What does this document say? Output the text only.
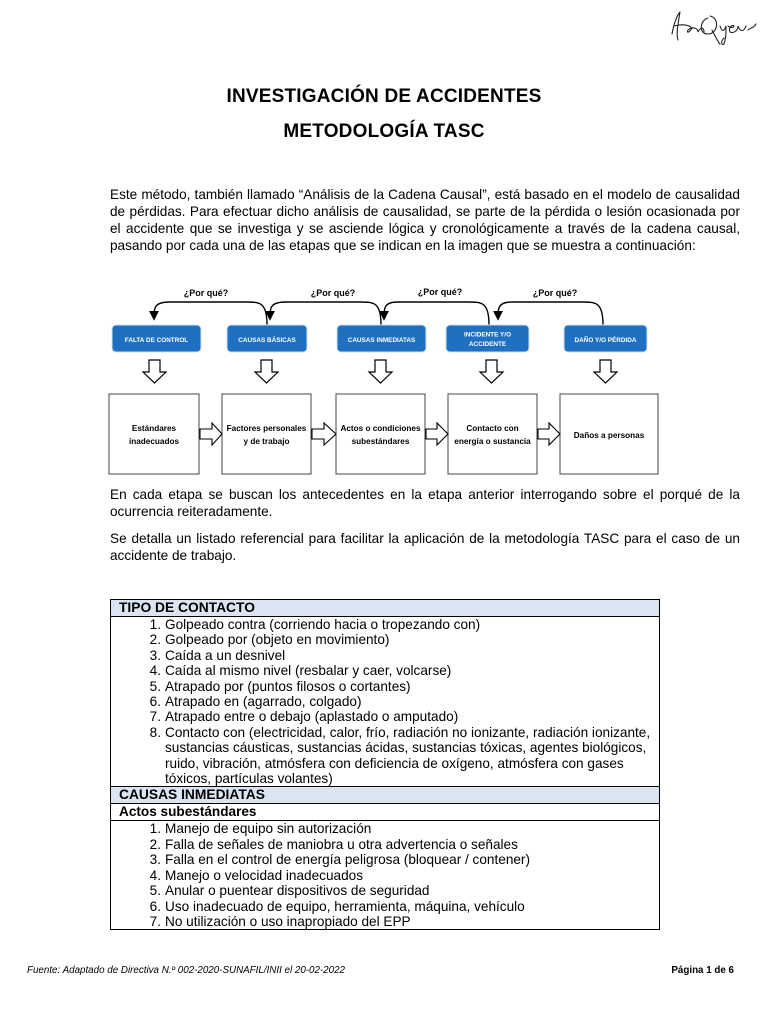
INVESTIGACIÓN DE ACCIDENTES
METODOLOGÍA TASC
Este método, también llamado “Análisis de la Cadena Causal”, está basado en el modelo de causalidad de pérdidas. Para efectuar dicho análisis de causalidad, se parte de la pérdida o lesión ocasionada por el accidente que se investiga y se asciende lógica y cronológicamente a través de la cadena causal, pasando por cada una de las etapas que se indican en la imagen que se muestra a continuación:
¿Por qué?	¿Por qué?	¿Por qué?	¿Por qué?
FALTA DE CONTROL	CAUSAS BÁSICAS	CAUSAS INMEDIATAS
INCIDENTE Y/O
ACCIDENTE
DAÑO Y/O PÉRDIDA
Estándares
inadecuados
Factores personales
y de trabajo
Actos o condiciones
subestándares
Contacto con
energía o sustancia
Daños a personas
En cada etapa se buscan los antecedentes en la etapa anterior interrogando sobre el porqué de la ocurrencia reiteradamente.
Se detalla un listado referencial para facilitar la aplicación de la metodología TASC para el caso de un accidente de trabajo.
TIPO DE CONTACTO
1. Golpeado contra (corriendo hacia o tropezando con)
2. Golpeado por (objeto en movimiento)
3. Caída a un desnivel
4. Caída al mismo nivel (resbalar y caer, volcarse)
5. Atrapado por (puntos filosos o cortantes)
6. Atrapado en (agarrado, colgado)
7. Atrapado entre o debajo (aplastado o amputado)
8. Contacto con (electricidad, calor, frío, radiación no ionizante, radiación ionizante, sustancias cáusticas, sustancias ácidas, sustancias tóxicas, agentes biológicos, ruido, vibración, atmósfera con deficiencia de oxígeno, atmósfera con gases tóxicos, partículas volantes)
CAUSAS INMEDIATAS
Actos subestándares
1. Manejo de equipo sin autorización
2. Falla de señales de maniobra u otra advertencia o señales
3. Falla en el control de energía peligrosa (bloquear / contener)
4. Manejo o velocidad inadecuados
5. Anular o puentear dispositivos de seguridad
6. Uso inadecuado de equipo, herramienta, máquina, vehículo
7. No utilización o uso inapropiado del EPP
Fuente: Adaptado de Directiva N.º 002-2020-SUNAFIL/INII el 20-02-2022	Página 1 de 6
